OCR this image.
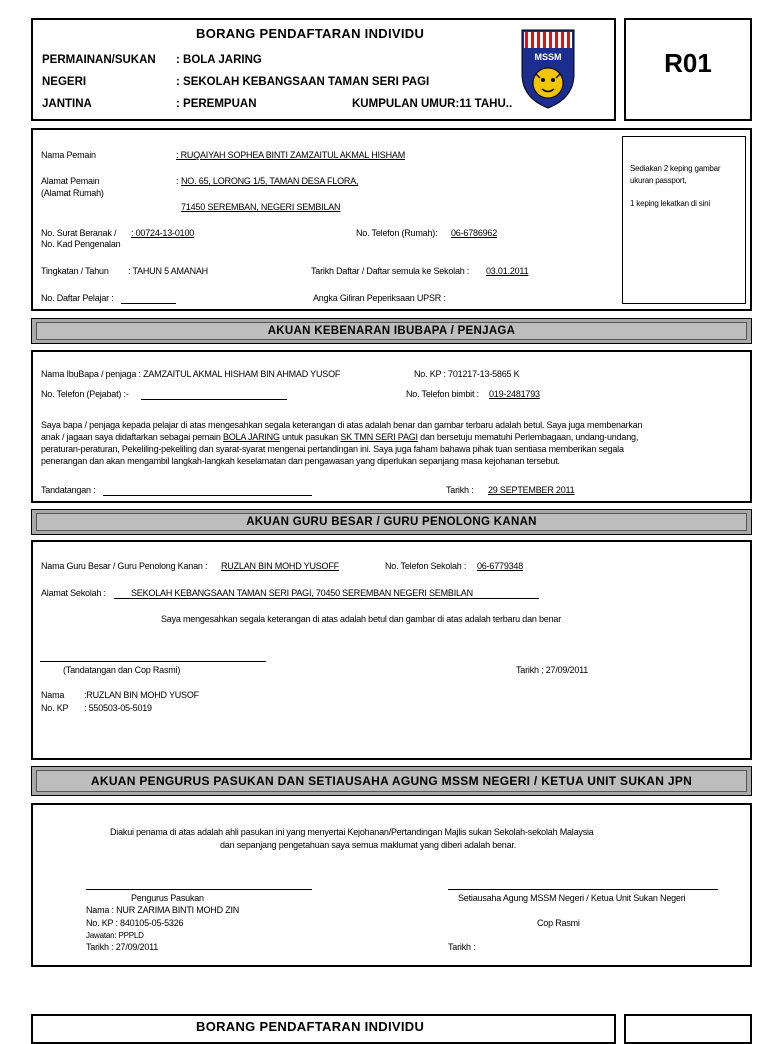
BORANG PENDAFTARAN INDIVIDU
PERMAINAN/SUKAN : BOLA JARING
NEGERI	: SEKOLAH KEBANGSAAN TAMAN SERI PAGI
JANTINA	: PEREMPUAN	KUMPULAN UMUR:11 TAHU..
MSSM	R01
Sediakan 2 keping gambar
ukuran passport,
1 keping lekatkan di sini
Nama Pemain	: RUQAIYAH SOPHEA BINTI ZAMZAITUL AKMAL HISHAM
Alamat Pemain
(Alamat Rumah)
: NO. 65, LORONG 1/5, TAMAN DESA FLORA,
71450 SEREMBAN, NEGERI SEMBILAN
No. Surat Beranak /
No. Kad Pengenalan
: 00724-13-0100	No. Telefon (Rumah): 06-6786962
Tingkatan / Tahun : TAHUN 5 AMANAH	Tarikh Daftar / Daftar semula ke Sekolah : 03.01.2011
No. Daftar Pelajar :	Angka Giliran Peperiksaan UPSR :
AKUAN KEBENARAN IBUBAPA / PENJAGA
Nama IbuBapa / penjaga : ZAMZAITUL AKMAL HISHAM BIN AHMAD YUSOF	No. KP : 701217-13-5865 K
No. Telefon (Pejabat) :-	No. Telefon bimbit : 019-2481793
Saya bapa / penjaga kepada pelajar di atas mengesahkan segala keterangan di atas adalah benar dan gambar terbaru adalah betul. Saya juga membenarkan
anak / jagaan saya didaftarkan sebagai pemain BOLA JARING untuk pasukan SK TMN SERI PAGI dan bersetuju mematuhi Perlembagaan, undang-undang,
peraturan-peraturan, Pekeliling-pekeliling dan syarat-syarat mengenai pertandingan ini. Saya juga faham bahawa pihak tuan sentiasa memberikan segala
penerangan dan akan mengambil langkah-langkah keselamatan dan pengawasan yang diperlukan sepanjang masa kejohanan tersebut.
Tandatangan :	Tarikh : 29 SEPTEMBER 2011
AKUAN GURU BESAR / GURU PENOLONG KANAN
Nama Guru Besar / Guru Penolong Kanan : RUZLAN BIN MOHD YUSOFF	No. Telefon Sekolah : 06-6779348
Alamat Sekolah :	SEKOLAH KEBANGSAAN TAMAN SERI PAGI, 70450 SEREMBAN NEGERI SEMBILAN
Saya mengesahkan segala keterangan di atas adalah betul dan gambar di atas adalah terbaru dan benar
(Tandatangan dan Cop Rasmi)	Tarikh ; 27/09/2011
Nama :RUZLAN BIN MOHD YUSOF
No. KP : 550503-05-5019
AKUAN PENGURUS PASUKAN DAN SETIAUSAHA AGUNG MSSM NEGERI / KETUA UNIT SUKAN JPN
Diakui penama di atas adalah ahli pasukan ini yang menyertai Kejohanan/Pertandingan Majlis sukan Sekolah-sekolah Malaysia
dan sepanjang pengetahuan saya semua maklumat yang diberi adalah benar.
Pengurus Pasukan
Nama : NUR ZARIMA BINTI MOHD ZIN
No. KP : 840105-05-5326
Jawatan: PPPLD
Tarikh : 27/09/2011
Setiausaha Agung MSSM Negeri / Ketua Unit Sukan Negeri
Cop Rasmi
Tarikh :
BORANG PENDAFTARAN INDIVIDU
